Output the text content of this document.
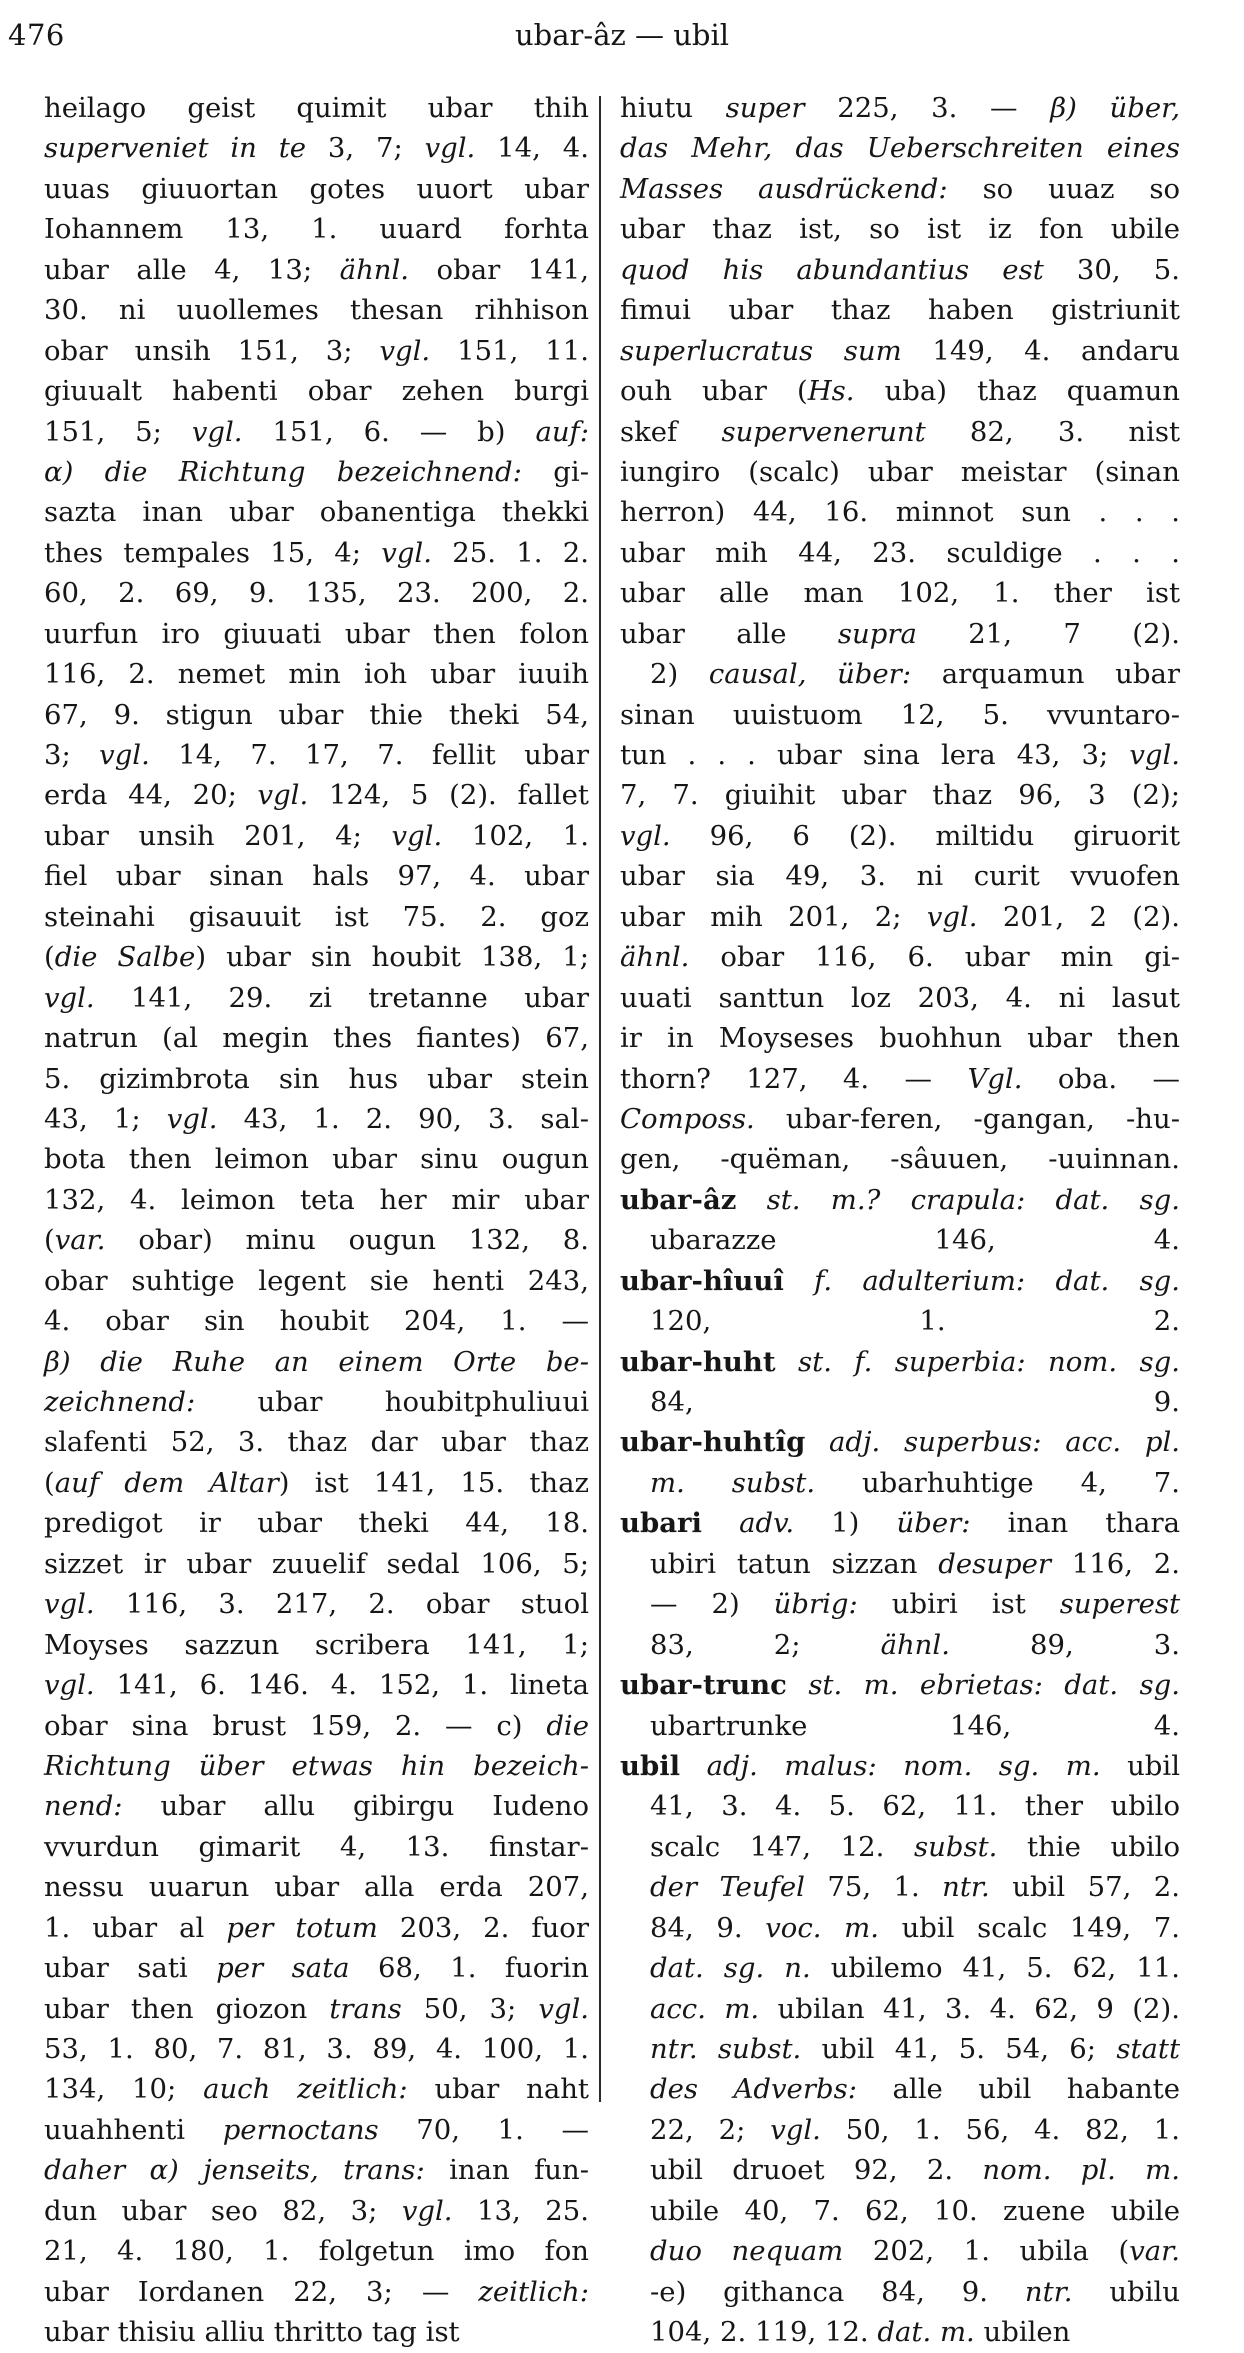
476	ubar-âz — ubil
heilago geist quimit ubar thih
superveniet in te 3, 7; vgl. 14, 4.
uuas giuuortan gotes uuort ubar
Iohannem 13, 1. uuard forhta
ubar alle 4, 13; ähnl. obar 141,
30. ni uuollemes thesan rihhison
obar unsih 151, 3; vgl. 151, 11.
giuualt habenti obar zehen burgi
151, 5; vgl. 151, 6. — b) auf:
α) die Richtung bezeichnend: gi-
sazta inan ubar obanentiga thekki
thes tempales 15, 4; vgl. 25. 1. 2.
60, 2. 69, 9. 135, 23. 200, 2.
uurfun iro giuuati ubar then folon
116, 2. nemet min ioh ubar iuuih
67, 9. stigun ubar thie theki 54,
3; vgl. 14, 7. 17, 7. fellit ubar
erda 44, 20; vgl. 124, 5 (2). fallet
ubar unsih 201, 4; vgl. 102, 1.
fiel ubar sinan hals 97, 4. ubar
steinahi gisauuit ist 75. 2. goz
(die Salbe) ubar sin houbit 138, 1;
vgl. 141, 29. zi tretanne ubar
natrun (al megin thes fiantes) 67,
5. gizimbrota sin hus ubar stein
43, 1; vgl. 43, 1. 2. 90, 3. sal-
bota then leimon ubar sinu ougun
132, 4. leimon teta her mir ubar
(var. obar) minu ougun 132, 8.
obar suhtige legent sie henti 243,
4. obar sin houbit 204, 1. —
β) die Ruhe an einem Orte be-
zeichnend: ubar houbitphuliuui
slafenti 52, 3. thaz dar ubar thaz
(auf dem Altar) ist 141, 15. thaz
predigot ir ubar theki 44, 18.
sizzet ir ubar zuuelif sedal 106, 5;
vgl. 116, 3. 217, 2. obar stuol
Moyses sazzun scribera 141, 1;
vgl. 141, 6. 146. 4. 152, 1. lineta
obar sina brust 159, 2. — c) die
Richtung über etwas hin bezeich-
nend: ubar allu gibirgu Iudeno
vvurdun gimarit 4, 13. finstar-
nessu uuarun ubar alla erda 207,
1. ubar al per totum 203, 2. fuor
ubar sati per sata 68, 1. fuorin
ubar then giozon trans 50, 3; vgl.
53, 1. 80, 7. 81, 3. 89, 4. 100, 1.
134, 10; auch zeitlich: ubar naht
uuahhenti pernoctans 70, 1. —
daher α) jenseits, trans: inan fun-
dun ubar seo 82, 3; vgl. 13, 25.
21, 4. 180, 1. folgetun imo fon
ubar Iordanen 22, 3; — zeitlich:
ubar thisiu alliu thritto tag ist
hiutu super 225, 3. — β) über,
das Mehr, das Ueberschreiten eines
Masses ausdrückend: so uuaz so
ubar thaz ist, so ist iz fon ubile
quod his abundantius est 30, 5.
fimui ubar thaz haben gistriunit
superlucratus sum 149, 4. andaru
ouh ubar (Hs. uba) thaz quamun
skef supervenerunt 82, 3. nist
iungiro (scalc) ubar meistar (sinan
herron) 44, 16. minnot sun . . .
ubar mih 44, 23. sculdige . . .
ubar alle man 102, 1. ther ist
ubar alle supra 21, 7 (2).
2) causal, über: arquamun ubar
sinan uuistuom 12, 5. vvuntaro-
tun . . . ubar sina lera 43, 3; vgl.
7, 7. giuihit ubar thaz 96, 3 (2);
vgl. 96, 6 (2). miltidu giruorit
ubar sia 49, 3. ni curit vvuofen
ubar mih 201, 2; vgl. 201, 2 (2).
ähnl. obar 116, 6. ubar min gi-
uuati santtun loz 203, 4. ni lasut
ir in Moyseses buohhun ubar then
thorn? 127, 4. — Vgl. oba. —
Composs. ubar-feren, -gangan, -hu-
gen, -quëman, -sâuuen, -uuinnan.
ubar-âz st. m.? crapula: dat. sg.
ubarazze 146, 4.
ubar-hîuuî f. adulterium: dat. sg.
120, 1. 2.
ubar-huht st. f. superbia: nom. sg.
84, 9.
ubar-huhtîg adj. superbus: acc. pl.
m. subst. ubarhuhtige 4, 7.
ubari adv. 1) über: inan thara
ubiri tatun sizzan desuper 116, 2.
— 2) übrig: ubiri ist superest
83, 2; ähnl. 89, 3.
ubar-trunc st. m. ebrietas: dat. sg.
ubartrunke 146, 4.
ubil adj. malus: nom. sg. m. ubil
41, 3. 4. 5. 62, 11. ther ubilo
scalc 147, 12. subst. thie ubilo
der Teufel 75, 1. ntr. ubil 57, 2.
84, 9. voc. m. ubil scalc 149, 7.
dat. sg. n. ubilemo 41, 5. 62, 11.
acc. m. ubilan 41, 3. 4. 62, 9 (2).
ntr. subst. ubil 41, 5. 54, 6; statt
des Adverbs: alle ubil habante
22, 2; vgl. 50, 1. 56, 4. 82, 1.
ubil druoet 92, 2. nom. pl. m.
ubile 40, 7. 62, 10. zuene ubile
duo nequam 202, 1. ubila (var.
-e) githanca 84, 9. ntr. ubilu
104, 2. 119, 12. dat. m. ubilen
